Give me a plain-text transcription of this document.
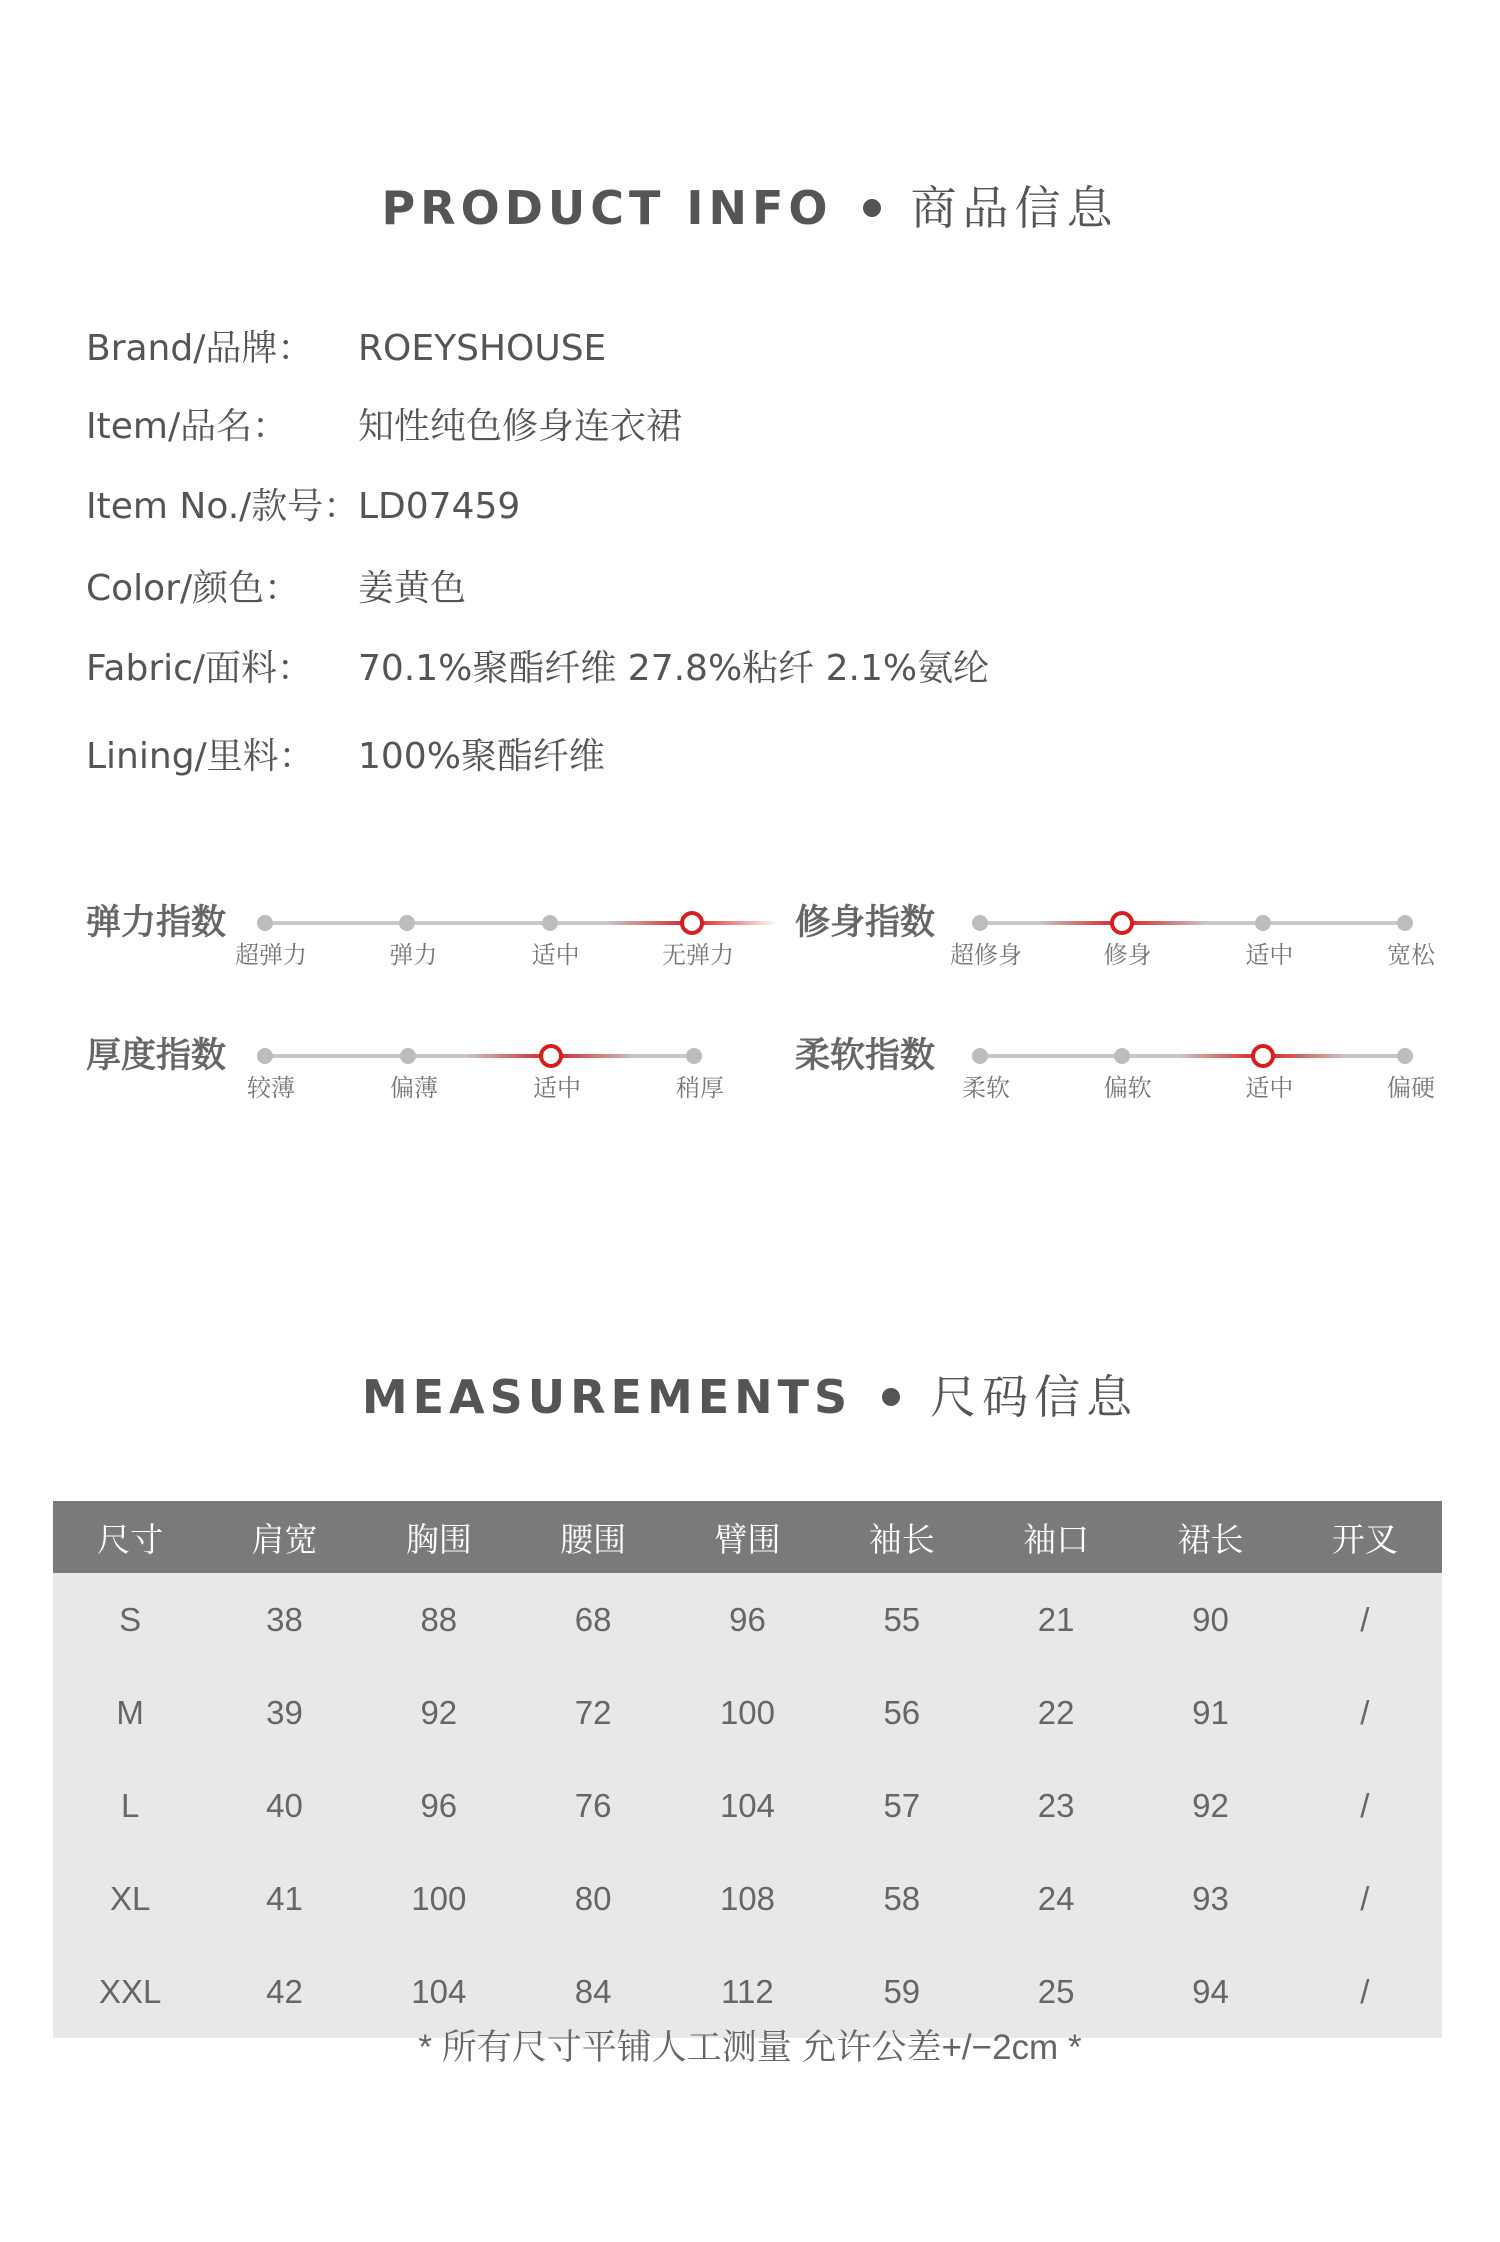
PRODUCT INFO 商品信息
Brand/品牌： ROEYSHOUSE
Item/品名： 知性纯色修身连衣裙
Item No./款号：LD07459
Color/颜色： 姜黄色
Fabric/面料： 70.1%聚酯纤维 27.8%粘纤 2.1%氨纶
Lining/里料： 100%聚酯纤维
弹力指数
超弹力	弹力	适中	无弹力
修身指数
超修身	修身	适中	宽松
厚度指数
较薄	偏薄	适中	稍厚
柔软指数
柔软	偏软	适中	偏硬
MEASUREMENTS 尺码信息
尺寸	肩宽	胸围	腰围	臂围	袖长	袖口	裙长	开叉
S	38	88	68	96	55	21	90	/
M	39	92	72	100	56	22	91	/
L	40	96	76	104	57	23	92	/
XL	41	100	80	108	58	24	93	/
XXL	42	104	84	112	59	25	94	/
* 所有尺寸平铺人工测量 允许公差+/−2cm *
